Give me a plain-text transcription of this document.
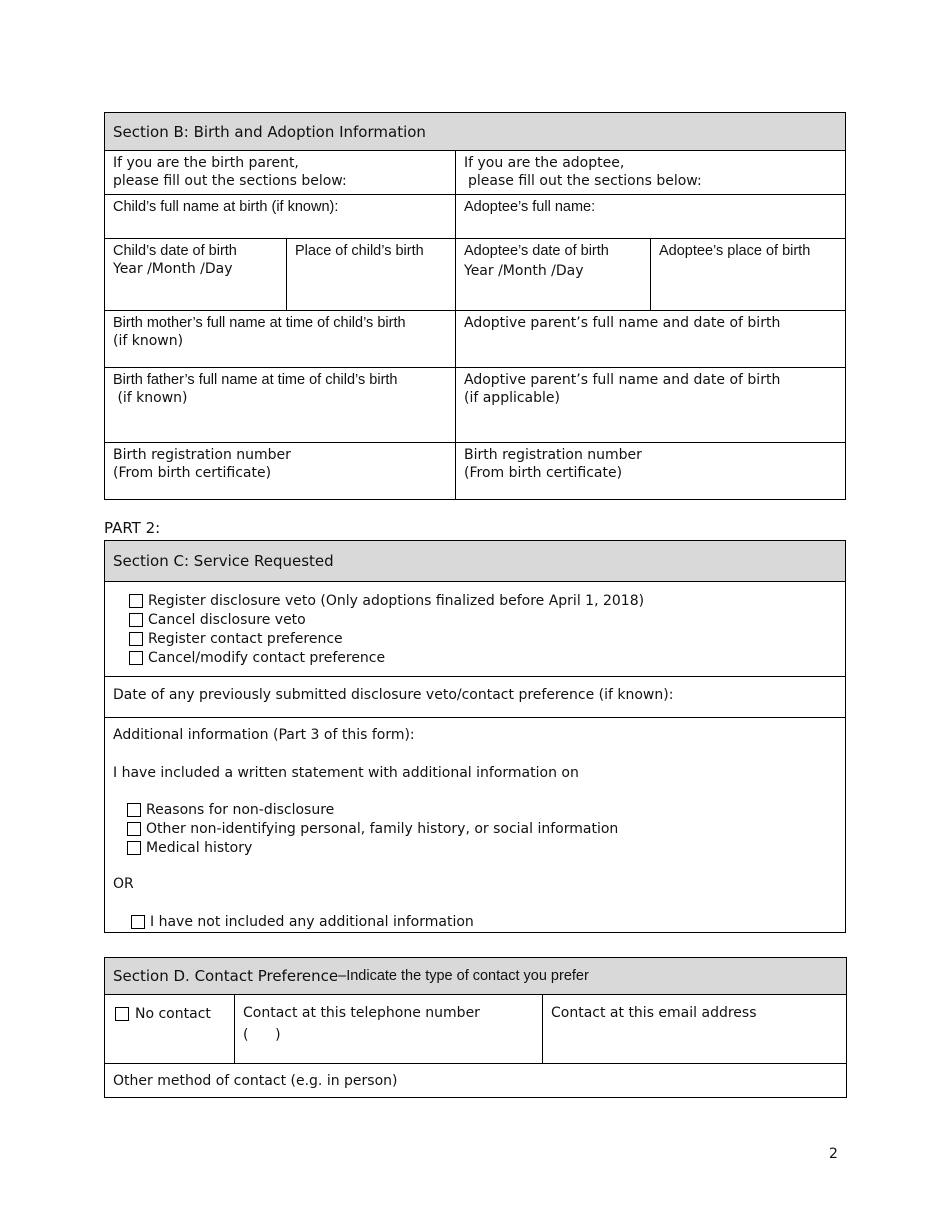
Section B: Birth and Adoption Information
If you are the birth parent,
please fill out the sections below:
If you are the adoptee,
please fill out the sections below:
Child’s full name at birth (if known):	Adoptee’s full name:
Child’s date of birth
Year /Month /Day
Place of child’s birth	Adoptee’s date of birth
Year /Month /Day
Adoptee’s place of birth
Birth mother’s full name at time of child’s birth
(if known)
Adoptive parent’s full name and date of birth
Birth father’s full name at time of child’s birth
(if known)
Adoptive parent’s full name and date of birth
(if applicable)
Birth registration number
(From birth certificate)
Birth registration number
(From birth certificate)
PART 2:
Section C: Service Requested
Register disclosure veto (Only adoptions finalized before April 1, 2018)
Cancel disclosure veto
Register contact preference
Cancel/modify contact preference
Date of any previously submitted disclosure veto/contact preference (if known):
Additional information (Part 3 of this form):
I have included a written statement with additional information on
Reasons for non-disclosure
Other non-identifying personal, family history, or social information
Medical history
OR
I have not included any additional information
Section D. Contact Preference –Indicate the type of contact you prefer
No contact Contact at this telephone number
(      )
Contact at this email address
Other method of contact (e.g. in person)
2
